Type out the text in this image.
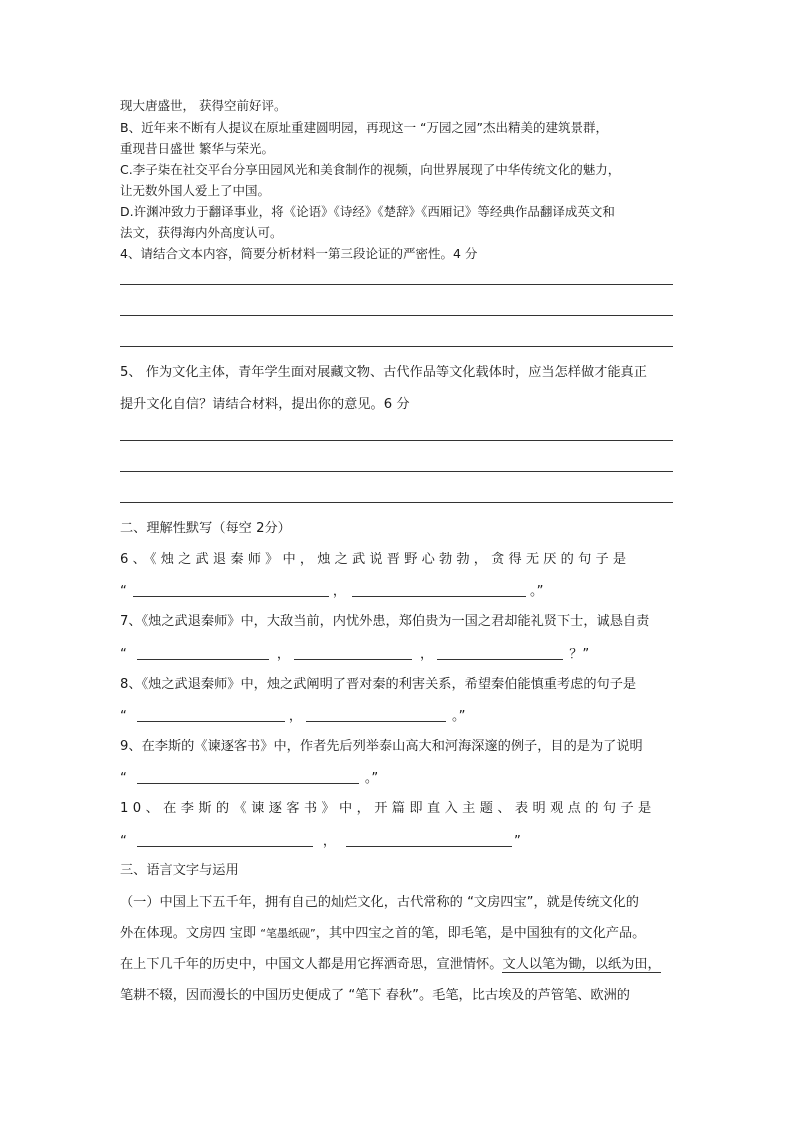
现大唐盛世， 获得空前好评。
B、近年来不断有人提议在原址重建圆明园，再现这一 “万园之园”杰出精美的建筑景群，
重现昔日盛世 繁华与荣光。
C.李子柒在社交平台分享田园风光和美食制作的视频，向世界展现了中华传统文化的魅力，
让无数外国人爱上了中国。
D.许渊冲致力于翻译事业，将《论语》《诗经》《楚辞》《西厢记》等经典作品翻译成英文和
法文，获得海内外高度认可。
4、请结合文本内容，简要分析材料一第三段论证的严密性。4 分
5、 作为文化主体，青年学生面对展藏文物、古代作品等文化载体时，应当怎样做才能真正
提升文化自信？请结合材料，提出你的意见。6 分
二、理解性默写（每空 2分）
6、《烛之武退秦师》中，烛之武说晋野心勃勃，贪得无厌的句子是
“	，	。”
7、《烛之武退秦师》中，大敌当前，内忧外患，郑伯贵为一国之君却能礼贤下士，诚恳自责
“	，	，	？”
8、《烛之武退秦师》中，烛之武阐明了晋对秦的利害关系，希望秦伯能慎重考虑的句子是
“	，	。”
9、在李斯的《谏逐客书》中，作者先后列举泰山高大和河海深邃的例子，目的是为了说明
“	。”
10、在李斯的《谏逐客书》中，开篇即直入主题、表明观点的句子是
“	，	”
三、语言文字与运用
（一）中国上下五千年，拥有自己的灿烂文化，古代常称的 “文房四宝”，就是传统文化的
外在体现。文房四 宝即 “笔墨纸砚”，其中四宝之首的笔，即毛笔，是中国独有的文化产品。
在上下几千年的历史中，中国文人都是用它挥洒奇思，宣泄情怀。文人以笔为锄，以纸为田，
笔耕不辍，因而漫长的中国历史便成了 “笔下 春秋”。毛笔，比古埃及的芦管笔、欧洲的
